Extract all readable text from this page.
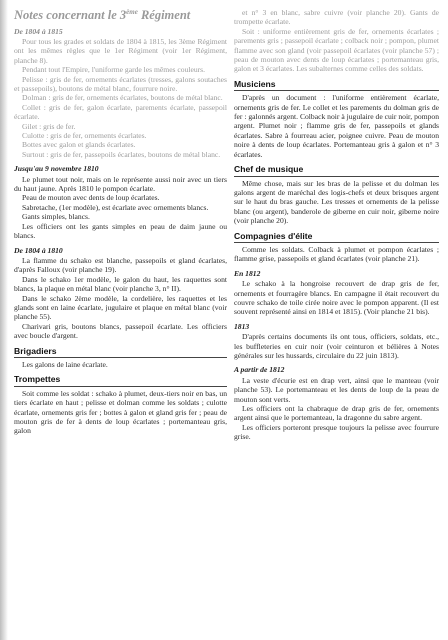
Notes concernant le 3ème Régiment
De 1804 à 1815

Pour tous les grades et soldats de 1804 à 1815, les 3ème Régiment ont les mêmes règles que le 1er Régiment (voir 1er Régiment, planche 8).

Pendant tout l'Empire, l'uniforme garde les mêmes couleurs.

Pelisse : gris de fer, ornements écarlates (tresses, galons soutaches et passepoils), boutons de métal blanc, fourrure noire.

Dolman : gris de fer, ornements écarlates, boutons de métal blanc.

Collet : gris de fer, galon écarlate, parements écarlate, passepoil écarlate.

Gilet : gris de fer.

Culotte : gris de fer, ornements écarlates.

Bottes avec galon et glands écarlates.

Surtout : gris de fer, passepoils écarlates, boutons de métal blanc.

Jusqu'au 9 novembre 1810

Le plumet tout noir, mais on le représente aussi noir avec un tiers du haut jaune. Après 1810 le pompon écarlate.

Peau de mouton avec dents de loup écarlates.

Sabretache, (1er modèle), est écarlate avec ornements blancs.

Gants simples, blancs.

Les officiers ont les gants simples en peau de daim jaune ou blancs.

De 1804 à 1810

La flamme du schako est blanche, passepoils et gland écarlates, d'après Falloux (voir planche 19).

Dans le schako 1er modèle, le galon du haut, les raquettes sont blancs, la plaque en métal blanc (voir planche 3, n° II).

Dans le schako 2ème modèle, la cordelière, les raquettes et les glands sont en laine écarlate, jugulaire et plaque en métal blanc (voir planche 55).

Charivari gris, boutons blancs, passepoil écarlate. Les officiers avec boucle d'argent.

Brigadiers

Les galons de laine écarlate.

Trompettes

Soit comme les soldat : schako à plumet, deux-tiers noir en bas, un tiers écarlate en haut ; pelisse et dolman comme les soldats ; culotte écarlate, ornements gris fer ; bottes à galon et gland gris fer ; peau de mouton gris de fer à dents de loup écarlates ; portemanteau gris, galon

et n° 3 en blanc, sabre cuivre (voir planche 20). Gants de trompette écarlate.

Soit : uniforme entièrement gris de fer, ornements écarlates ; parements gris ; passepoil écarlate ; colback noir ; pompon, plumet flamme avec son gland (voir passepoil écarlates (voir planche 57) ; peau de mouton avec dents de loup écarlates ; portemanteau gris, galon et 3 écarlates. Les subalternes comme celles des soldats.

Musiciens

D'après un document : l'uniforme entièrement écarlate, ornements gris de fer. Le collet et les parements du dolman gris de fer : galonnés argent. Colback noir à jugulaire de cuir noir, pompon argent. Plumet noir ; flamme gris de fer, passepoils et glands écarlates. Sabre à fourreau acier, poignee cuivre. Peau de mouton noire à dents de loup écarlates. Portemanteau gris à galon et n° 3 écarlates.

Chef de musique

Même chose, mais sur les bras de la pelisse et du dolman les galons argent de maréchal des logis-chefs et deux brisques argent sur le haut du bras gauche. Les tresses et ornements de la pelisse blanc (ou argent), banderole de giberne en cuir noir, giberne noire (voir planche 20).

Compagnies d'élite

Comme les soldats. Colback à plumet et pompon écarlates ; flamme grise, passepoils et gland écarlates (voir planche 21).

En 1812

Le schako à la hongroise recouvert de drap gris de fer, ornements et fourragère blancs. En campagne il était recouvert du couvre schako de toile cirée noire avec le pompon apparent. (Il est souvent représenté ainsi en 1814 et 1815). (Voir planche 21 bis).

1813

D'après certains documents ils ont tous, officiers, soldats, etc., les buffleteries en cuir noir (voir ceinturon et bélières à Notes générales sur les hussards, circulaire du 22 juin 1813).

A partir de 1812

La veste d'écurie est en drap vert, ainsi que le manteau (voir planche 53). Le portemanteau et les dents de loup de la peau de mouton sont verts.

Les officiers ont la chabraque de drap gris de fer, ornements argent ainsi que le portemanteau, la dragonne du sabre argent.

Les officiers porteront presque toujours la pelisse avec fourrure grise.
